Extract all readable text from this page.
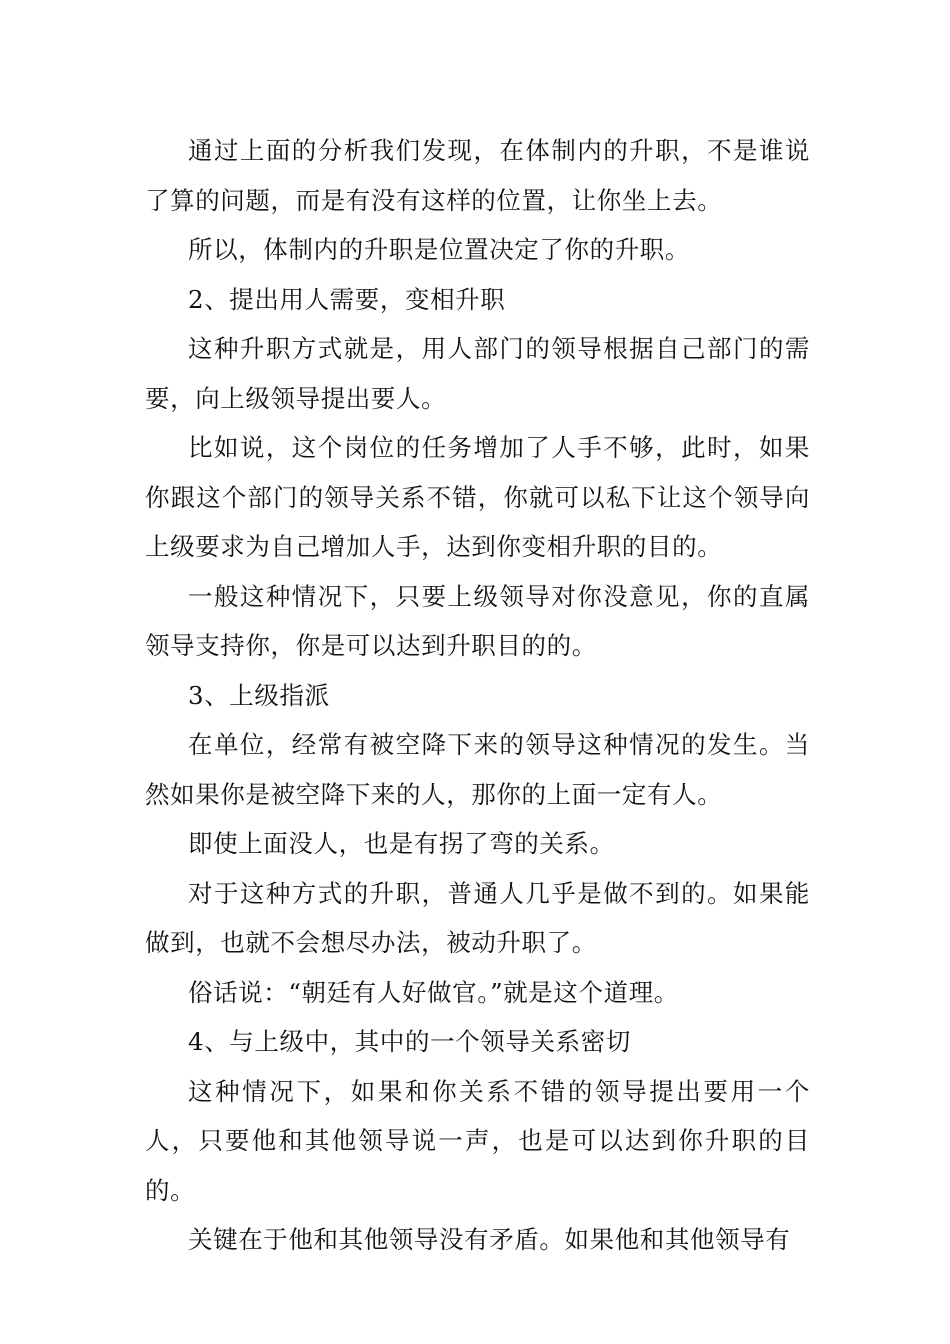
通过上面的分析我们发现，在体制内的升职，不是谁说了算的问题，而是有没有这样的位置，让你坐上去。

所以，体制内的升职是位置决定了你的升职。

2、提出用人需要，变相升职

这种升职方式就是，用人部门的领导根据自己部门的需要，向上级领导提出要人。

比如说，这个岗位的任务增加了人手不够，此时，如果你跟这个部门的领导关系不错，你就可以私下让这个领导向上级要求为自己增加人手，达到你变相升职的目的。

一般这种情况下，只要上级领导对你没意见，你的直属领导支持你，你是可以达到升职目的的。

3、上级指派

在单位，经常有被空降下来的领导这种情况的发生。当然如果你是被空降下来的人，那你的上面一定有人。

即使上面没人，也是有拐了弯的关系。

对于这种方式的升职，普通人几乎是做不到的。如果能做到，也就不会想尽办法，被动升职了。

俗话说：“朝廷有人好做官。”就是这个道理。

4、与上级中，其中的一个领导关系密切

这种情况下，如果和你关系不错的领导提出要用一个人，只要他和其他领导说一声，也是可以达到你升职的目的。

关键在于他和其他领导没有矛盾。如果他和其他领导有
